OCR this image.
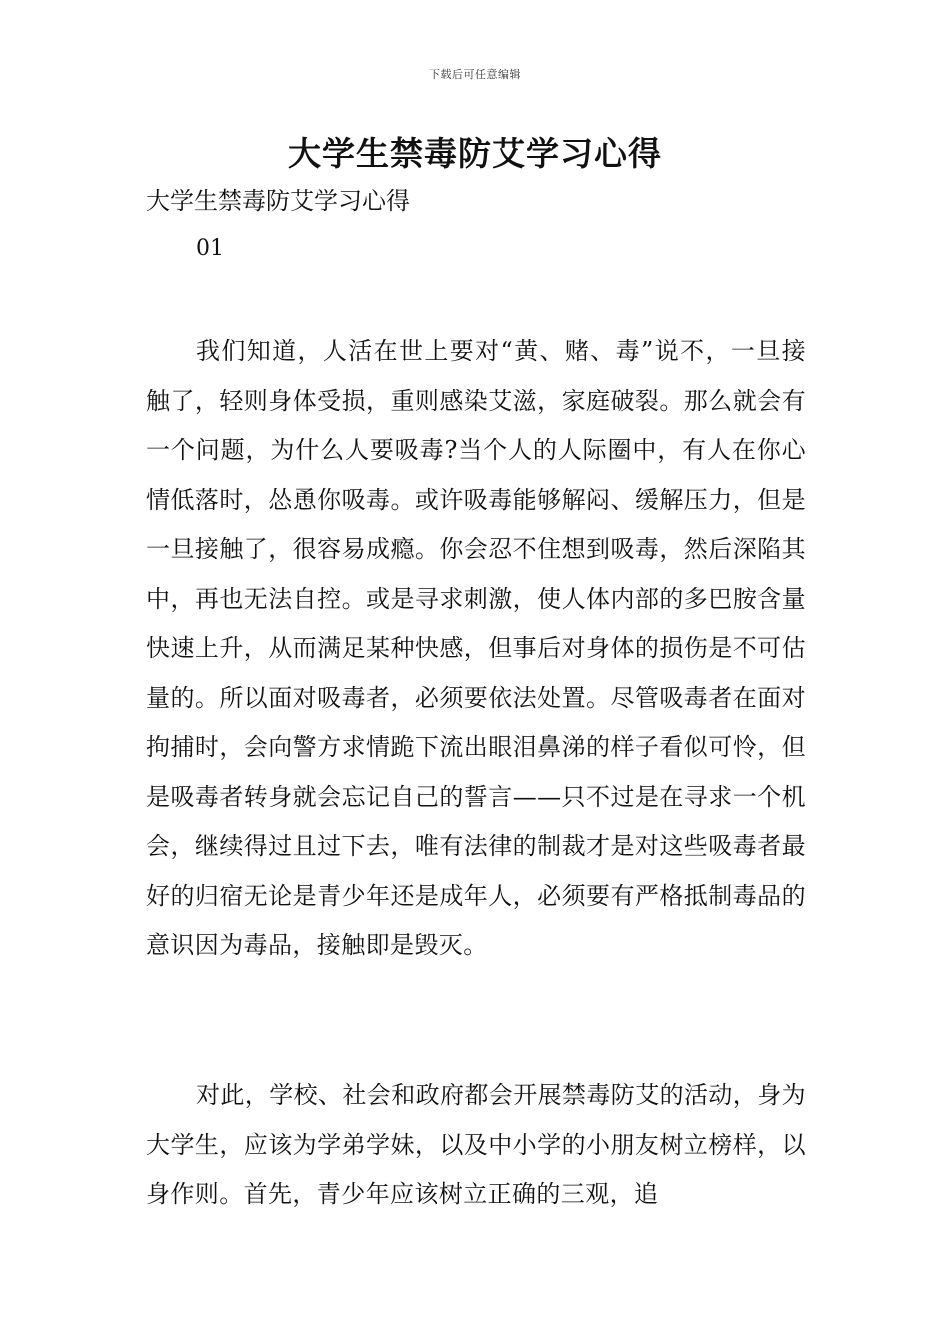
下载后可任意编辑
大学生禁毒防艾学习心得

大学生禁毒防艾学习心得

01

我们知道，人活在世上要对“黄、赌、毒”说不，一旦接触了，轻则身体受损，重则感染艾滋，家庭破裂。那么就会有一个问题，为什么人要吸毒?当个人的人际圈中，有人在你心情低落时，怂恿你吸毒。或许吸毒能够解闷、缓解压力，但是一旦接触了，很容易成瘾。你会忍不住想到吸毒，然后深陷其中，再也无法自控。或是寻求刺激，使人体内部的多巴胺含量快速上升，从而满足某种快感，但事后对身体的损伤是不可估量的。所以面对吸毒者，必须要依法处置。尽管吸毒者在面对拘捕时，会向警方求情跪下流出眼泪鼻涕的样子看似可怜，但是吸毒者转身就会忘记自己的誓言——只不过是在寻求一个机会，继续得过且过下去，唯有法律的制裁才是对这些吸毒者最好的归宿无论是青少年还是成年人，必须要有严格抵制毒品的意识因为毒品，接触即是毁灭。

对此，学校、社会和政府都会开展禁毒防艾的活动，身为大学生，应该为学弟学妹，以及中小学的小朋友树立榜样，以身作则。首先，青少年应该树立正确的三观，追
